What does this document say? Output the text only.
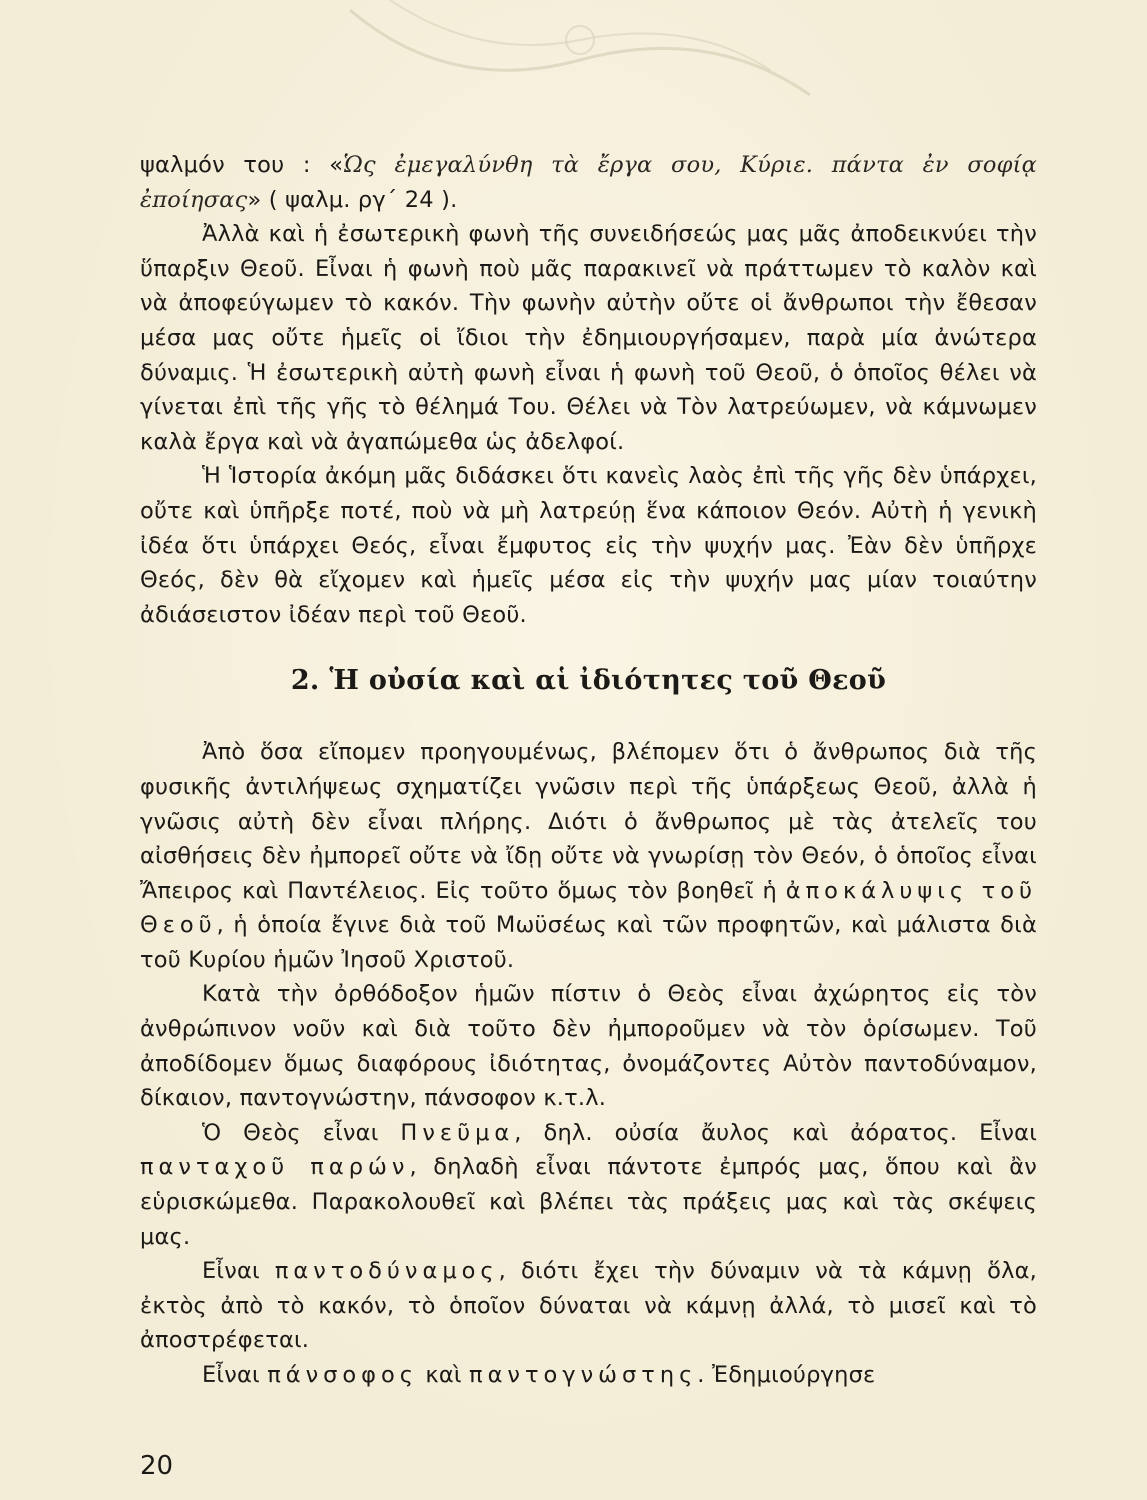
ψαλμόν του : «Ὡς ἐμεγαλύνθη τὰ ἔργα σου, Κύριε. πάντα ἐν σοφίᾳ ἐποίησας» ( ψαλμ. ργ΄ 24 ).

Ἀλλὰ καὶ ἡ ἐσωτερικὴ φωνὴ τῆς συνειδήσεώς μας μᾶς ἀποδεικνύει τὴν ὕπαρξιν Θεοῦ. Εἶναι ἡ φωνὴ ποὺ μᾶς παρακινεῖ νὰ πράττωμεν τὸ καλὸν καὶ νὰ ἀποφεύγωμεν τὸ κακόν. Τὴν φωνὴν αὐτὴν οὔτε οἱ ἄνθρωποι τὴν ἔθεσαν μέσα μας οὔτε ἡμεῖς οἱ ἴδιοι τὴν ἐδημιουργήσαμεν, παρὰ μία ἀνώτερα δύναμις. Ἡ ἐσωτερικὴ αὐτὴ φωνὴ εἶναι ἡ φωνὴ τοῦ Θεοῦ, ὁ ὁποῖος θέλει νὰ γίνεται ἐπὶ τῆς γῆς τὸ θέλημά Του. Θέλει νὰ Τὸν λατρεύωμεν, νὰ κάμνωμεν καλὰ ἔργα καὶ νὰ ἀγαπώμεθα ὡς ἀδελφοί.

Ἡ Ἱστορία ἀκόμη μᾶς διδάσκει ὅτι κανεὶς λαὸς ἐπὶ τῆς γῆς δὲν ὑπάρχει, οὔτε καὶ ὑπῆρξε ποτέ, ποὺ νὰ μὴ λατρεύῃ ἕνα κάποιον Θεόν. Αὐτὴ ἡ γενικὴ ἰδέα ὅτι ὑπάρχει Θεός, εἶναι ἔμφυτος εἰς τὴν ψυχήν μας. Ἐὰν δὲν ὑπῆρχε Θεός, δὲν θὰ εἴχομεν καὶ ἡμεῖς μέσα εἰς τὴν ψυχήν μας μίαν τοιαύτην ἀδιάσειστον ἰδέαν περὶ τοῦ Θεοῦ.

2. Ἡ οὐσία καὶ αἱ ἰδιότητες τοῦ Θεοῦ

Ἀπὸ ὅσα εἴπομεν προηγουμένως, βλέπομεν ὅτι ὁ ἄνθρωπος διὰ τῆς φυσικῆς ἀντιλήψεως σχηματίζει γνῶσιν περὶ τῆς ὑπάρξεως Θεοῦ, ἀλλὰ ἡ γνῶσις αὐτὴ δὲν εἶναι πλήρης. Διότι ὁ ἄνθρωπος μὲ τὰς ἀτελεῖς του αἰσθήσεις δὲν ἠμπορεῖ οὔτε νὰ ἴδῃ οὔτε νὰ γνωρίσῃ τὸν Θεόν, ὁ ὁποῖος εἶναι Ἄπειρος καὶ Παντέλειος. Εἰς τοῦτο ὅμως τὸν βοηθεῖ ἡ ἀποκάλυψις τοῦ Θεοῦ, ἡ ὁποία ἔγινε διὰ τοῦ Μωϋσέως καὶ τῶν προφητῶν, καὶ μάλιστα διὰ τοῦ Κυρίου ἡμῶν Ἰησοῦ Χριστοῦ.

Κατὰ τὴν ὀρθόδοξον ἡμῶν πίστιν ὁ Θεὸς εἶναι ἀχώρητος εἰς τὸν ἀνθρώπινον νοῦν καὶ διὰ τοῦτο δὲν ἠμποροῦμεν νὰ τὸν ὁρίσωμεν. Τοῦ ἀποδίδομεν ὅμως διαφόρους ἰδιότητας, ὀνομάζοντες Αὐτὸν παντοδύναμον, δίκαιον, παντογνώστην, πάνσοφον κ.τ.λ.

Ὁ Θεὸς εἶναι Πνεῦμα, δηλ. οὐσία ἄυλος καὶ ἀόρατος. Εἶναι πανταχοῦ παρών, δηλαδὴ εἶναι πάντοτε ἐμπρός μας, ὅπου καὶ ἂν εὑρισκώμεθα. Παρακολουθεῖ καὶ βλέπει τὰς πράξεις μας καὶ τὰς σκέψεις μας.

Εἶναι παντοδύναμος, διότι ἔχει τὴν δύναμιν νὰ τὰ κάμνῃ ὅλα, ἐκτὸς ἀπὸ τὸ κακόν, τὸ ὁποῖον δύναται νὰ κάμνῃ ἀλλά, τὸ μισεῖ καὶ τὸ ἀποστρέφεται.

Εἶναι πάνσοφος καὶ παντογνώστης. Ἐδημιούργησε

20
